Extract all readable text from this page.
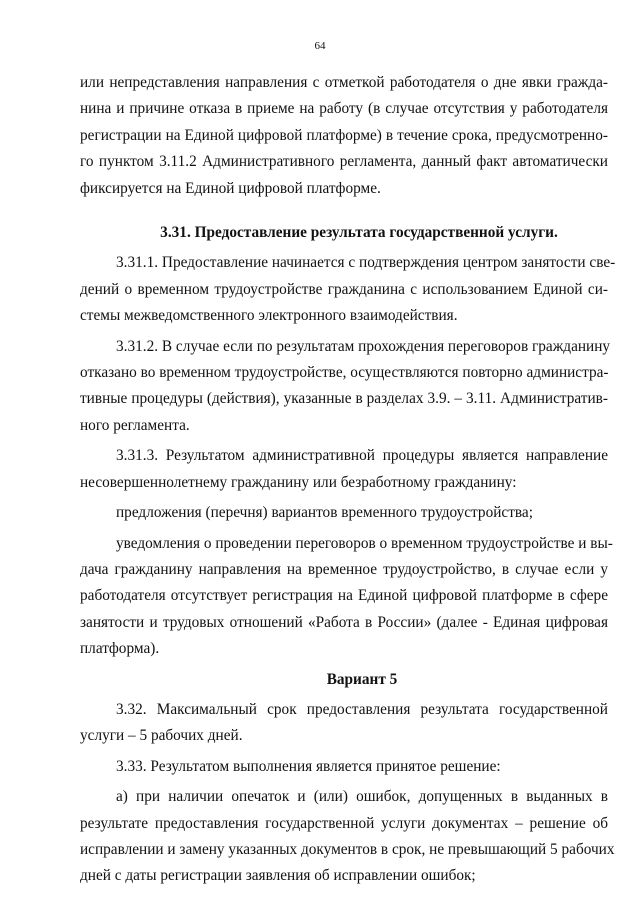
64
или непредставления направления с отметкой работодателя о дне явки гражда-
нина и причине отказа в приеме на работу (в случае отсутствия у работодателя
регистрации на Единой цифровой платформе) в течение срока, предусмотренно-
го пунктом 3.11.2 Административного регламента, данный факт автоматически
фиксируется на Единой цифровой платформе.
3.31. Предоставление результата государственной услуги.
3.31.1. Предоставление начинается с подтверждения центром занятости све-
дений о временном трудоустройстве гражданина с использованием Единой си-
стемы межведомственного электронного взаимодействия.
3.31.2. В случае если по результатам прохождения переговоров гражданину
отказано во временном трудоустройстве, осуществляются повторно администра-
тивные процедуры (действия), указанные в разделах 3.9. – 3.11. Административ-
ного регламента.
3.31.3. Результатом административной процедуры является направление
несовершеннолетнему гражданину или безработному гражданину:
предложения (перечня) вариантов временного трудоустройства;
уведомления о проведении переговоров о временном трудоустройстве и вы-
дача гражданину направления на временное трудоустройство, в случае если у
работодателя отсутствует регистрация на Единой цифровой платформе в сфере
занятости и трудовых отношений «Работа в России» (далее - Единая цифровая
платформа).
Вариант 5
3.32. Максимальный срок предоставления результата государственной
услуги – 5 рабочих дней.
3.33. Результатом выполнения является принятое решение:
а) при наличии опечаток и (или) ошибок, допущенных в выданных в
результате предоставления государственной услуги документах – решение об
исправлении и замену указанных документов в срок, не превышающий 5 рабочих
дней с даты регистрации заявления об исправлении ошибок;
